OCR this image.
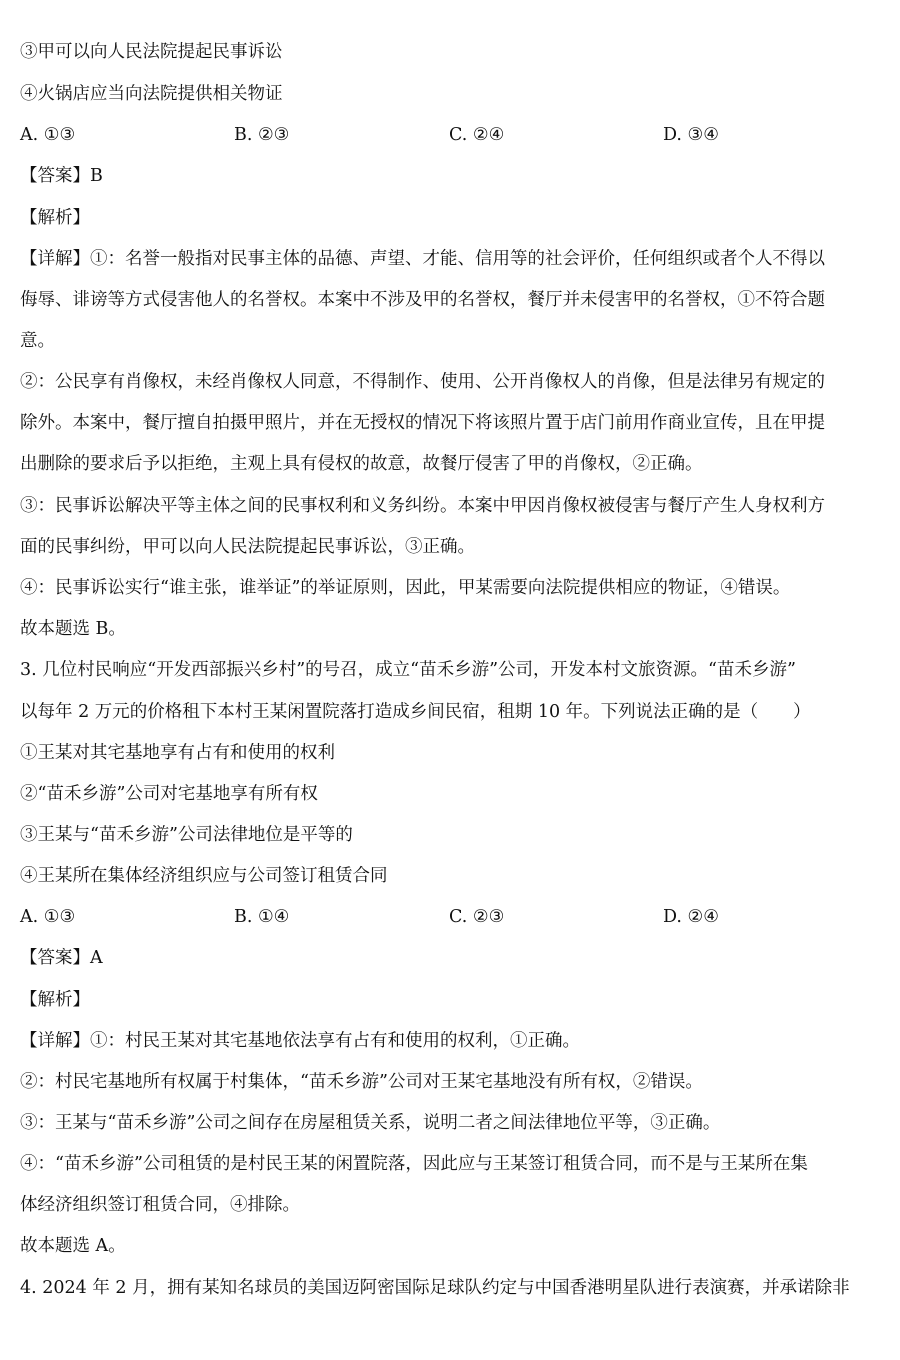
③甲可以向人民法院提起民事诉讼
④火锅店应当向法院提供相关物证
A. ①③	B. ②③	C. ②④	D. ③④
【答案】B
【解析】
【详解】①：名誉一般指对民事主体的品德、声望、才能、信用等的社会评价，任何组织或者个人不得以
侮辱、诽谤等方式侵害他人的名誉权。本案中不涉及甲的名誉权，餐厅并未侵害甲的名誉权，①不符合题
意。
②：公民享有肖像权，未经肖像权人同意，不得制作、使用、公开肖像权人的肖像，但是法律另有规定的
除外。本案中，餐厅擅自拍摄甲照片，并在无授权的情况下将该照片置于店门前用作商业宣传，且在甲提
出删除的要求后予以拒绝，主观上具有侵权的故意，故餐厅侵害了甲的肖像权，②正确。
③：民事诉讼解决平等主体之间的民事权利和义务纠纷。本案中甲因肖像权被侵害与餐厅产生人身权利方
面的民事纠纷，甲可以向人民法院提起民事诉讼，③正确。
④：民事诉讼实行“谁主张，谁举证”的举证原则，因此，甲某需要向法院提供相应的物证，④错误。
故本题选 B。
3. 几位村民响应“开发西部振兴乡村”的号召，成立“苗禾乡游”公司，开发本村文旅资源。“苗禾乡游”
以每年 2 万元的价格租下本村王某闲置院落打造成乡间民宿，租期 10 年。下列说法正确的是（　　）
①王某对其宅基地享有占有和使用的权利
②“苗禾乡游”公司对宅基地享有所有权
③王某与“苗禾乡游”公司法律地位是平等的
④王某所在集体经济组织应与公司签订租赁合同
A. ①③	B. ①④	C. ②③	D. ②④
【答案】A
【解析】
【详解】①：村民王某对其宅基地依法享有占有和使用的权利，①正确。
②：村民宅基地所有权属于村集体，“苗禾乡游”公司对王某宅基地没有所有权，②错误。
③：王某与“苗禾乡游”公司之间存在房屋租赁关系，说明二者之间法律地位平等，③正确。
④：“苗禾乡游”公司租赁的是村民王某的闲置院落，因此应与王某签订租赁合同，而不是与王某所在集
体经济组织签订租赁合同，④排除。
故本题选 A。
4. 2024 年 2 月，拥有某知名球员的美国迈阿密国际足球队约定与中国香港明星队进行表演赛，并承诺除非
